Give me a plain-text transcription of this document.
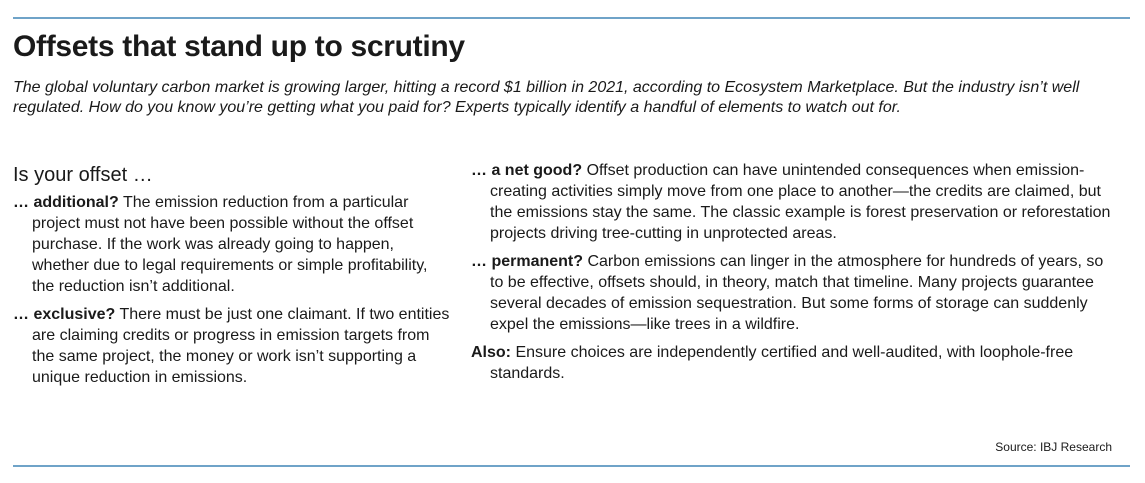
Offsets that stand up to scrutiny

The global voluntary carbon market is growing larger, hitting a record $1 billion in 2021, according to Ecosystem Marketplace. But the industry isn’t well regulated. How do you know you’re getting what you paid for? Experts typically identify a handful of elements to watch out for.

Is your offset …

… additional? The emission reduction from a particular project must not have been possible without the offset purchase. If the work was already going to happen, whether due to legal requirements or simple profitability, the reduction isn’t additional.

… exclusive? There must be just one claimant. If two entities are claiming credits or progress in emission targets from the same project, the money or work isn’t supporting a unique reduction in emissions.

… a net good? Offset production can have unintended consequences when emission-creating activities simply move from one place to another—the credits are claimed, but the emissions stay the same. The classic example is forest preservation or reforestation projects driving tree-cutting in unprotected areas.

… permanent? Carbon emissions can linger in the atmosphere for hundreds of years, so to be effective, offsets should, in theory, match that timeline. Many projects guarantee several decades of emission sequestration. But some forms of storage can suddenly expel the emissions—like trees in a wildfire.

Also: Ensure choices are independently certified and well-audited, with loophole-free standards.

Source: IBJ Research
